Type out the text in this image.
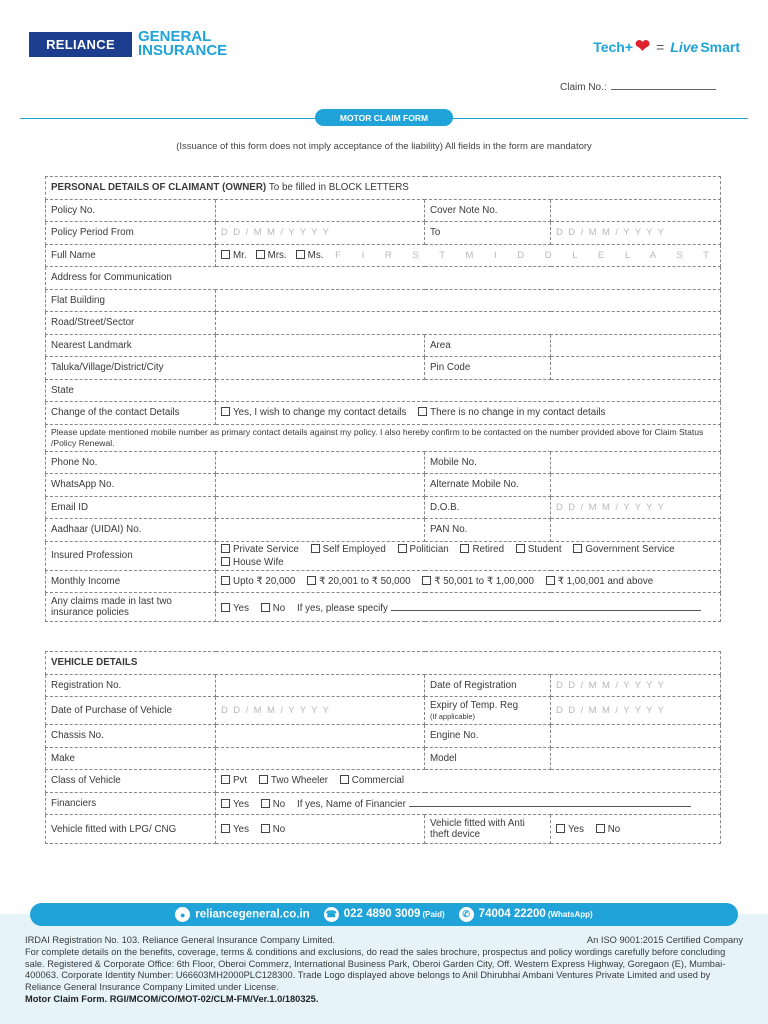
RELIANCE GENERAL
INSURANCE	Tech+ ❤ = Live Smart
Claim No.:
MOTOR CLAIM FORM
(Issuance of this form does not imply acceptance of the liability) All fields in the form are mandatory
PERSONAL DETAILS OF CLAIMANT (OWNER) To be filled in BLOCK LETTERS			
Policy No.		Cover Note No.	
Policy Period From	D D / M M / Y Y Y Y	To	D D / M M / Y Y Y Y
Full Name	Mr. Mrs. Ms. F I R S T M I D D L E L A S T		
Address for Communication			
Flat Building			
Road/Street/Sector			
Nearest Landmark		Area	
Taluka/Village/District/City		Pin Code	
State			
Change of the contact Details	Yes, I wish to change my contact details There is no change in my contact details		
Please update mentioned mobile number as primary contact details against my policy. I also hereby confirm to be contacted on the number provided above for Claim Status /Policy Renewal.			
Phone No.		Mobile No.	
WhatsApp No.		Alternate Mobile No.	
Email ID		D.O.B.	D D / M M / Y Y Y Y
Aadhaar (UIDAI) No.		PAN No.	
Insured Profession	Private Service Self Employed Politician Retired Student Government Service
House Wife		
Monthly Income	Upto ₹ 20,000 ₹ 20,001 to ₹ 50,000 ₹ 50,001 to ₹ 1,00,000 ₹ 1,00,001 and above		
Any claims made in last two insurance policies	Yes No If yes, please specify		
VEHICLE DETAILS			
Registration No.		Date of Registration	D D / M M / Y Y Y Y
Date of Purchase of Vehicle	D D / M M / Y Y Y Y	Expiry of Temp. Reg
(If applicable)	D D / M M / Y Y Y Y
Chassis No.		Engine No.	
Make		Model	
Class of Vehicle	Pvt Two Wheeler Commercial		
Financiers	Yes No If yes, Name of Financier		
Vehicle fitted with LPG/ CNG	Yes No	Vehicle fitted with Anti theft device	Yes No
● reliancegeneral.co.in ☎ 022 4890 3009 (Paid)	✆ 74004 22200 (WhatsApp)
IRDAI Registration No. 103. Reliance General Insurance Company Limited.	An ISO 9001:2015 Certified Company
For complete details on the benefits, coverage, terms & conditions and exclusions, do read the sales brochure, prospectus and policy wordings carefully before concluding sale. Registered & Corporate Office: 6th Floor, Oberoi Commerz, International Business Park, Oberoi Garden City, Off. Western Express Highway, Goregaon (E), Mumbai-400063. Corporate Identity Number: U66603MH2000PLC128300. Trade Logo displayed above belongs to Anil Dhirubhai Ambani Ventures Private Limited and used by Reliance General Insurance Company Limited under License.
Motor Claim Form. RGI/MCOM/CO/MOT-02/CLM-FM/Ver.1.0/180325.
